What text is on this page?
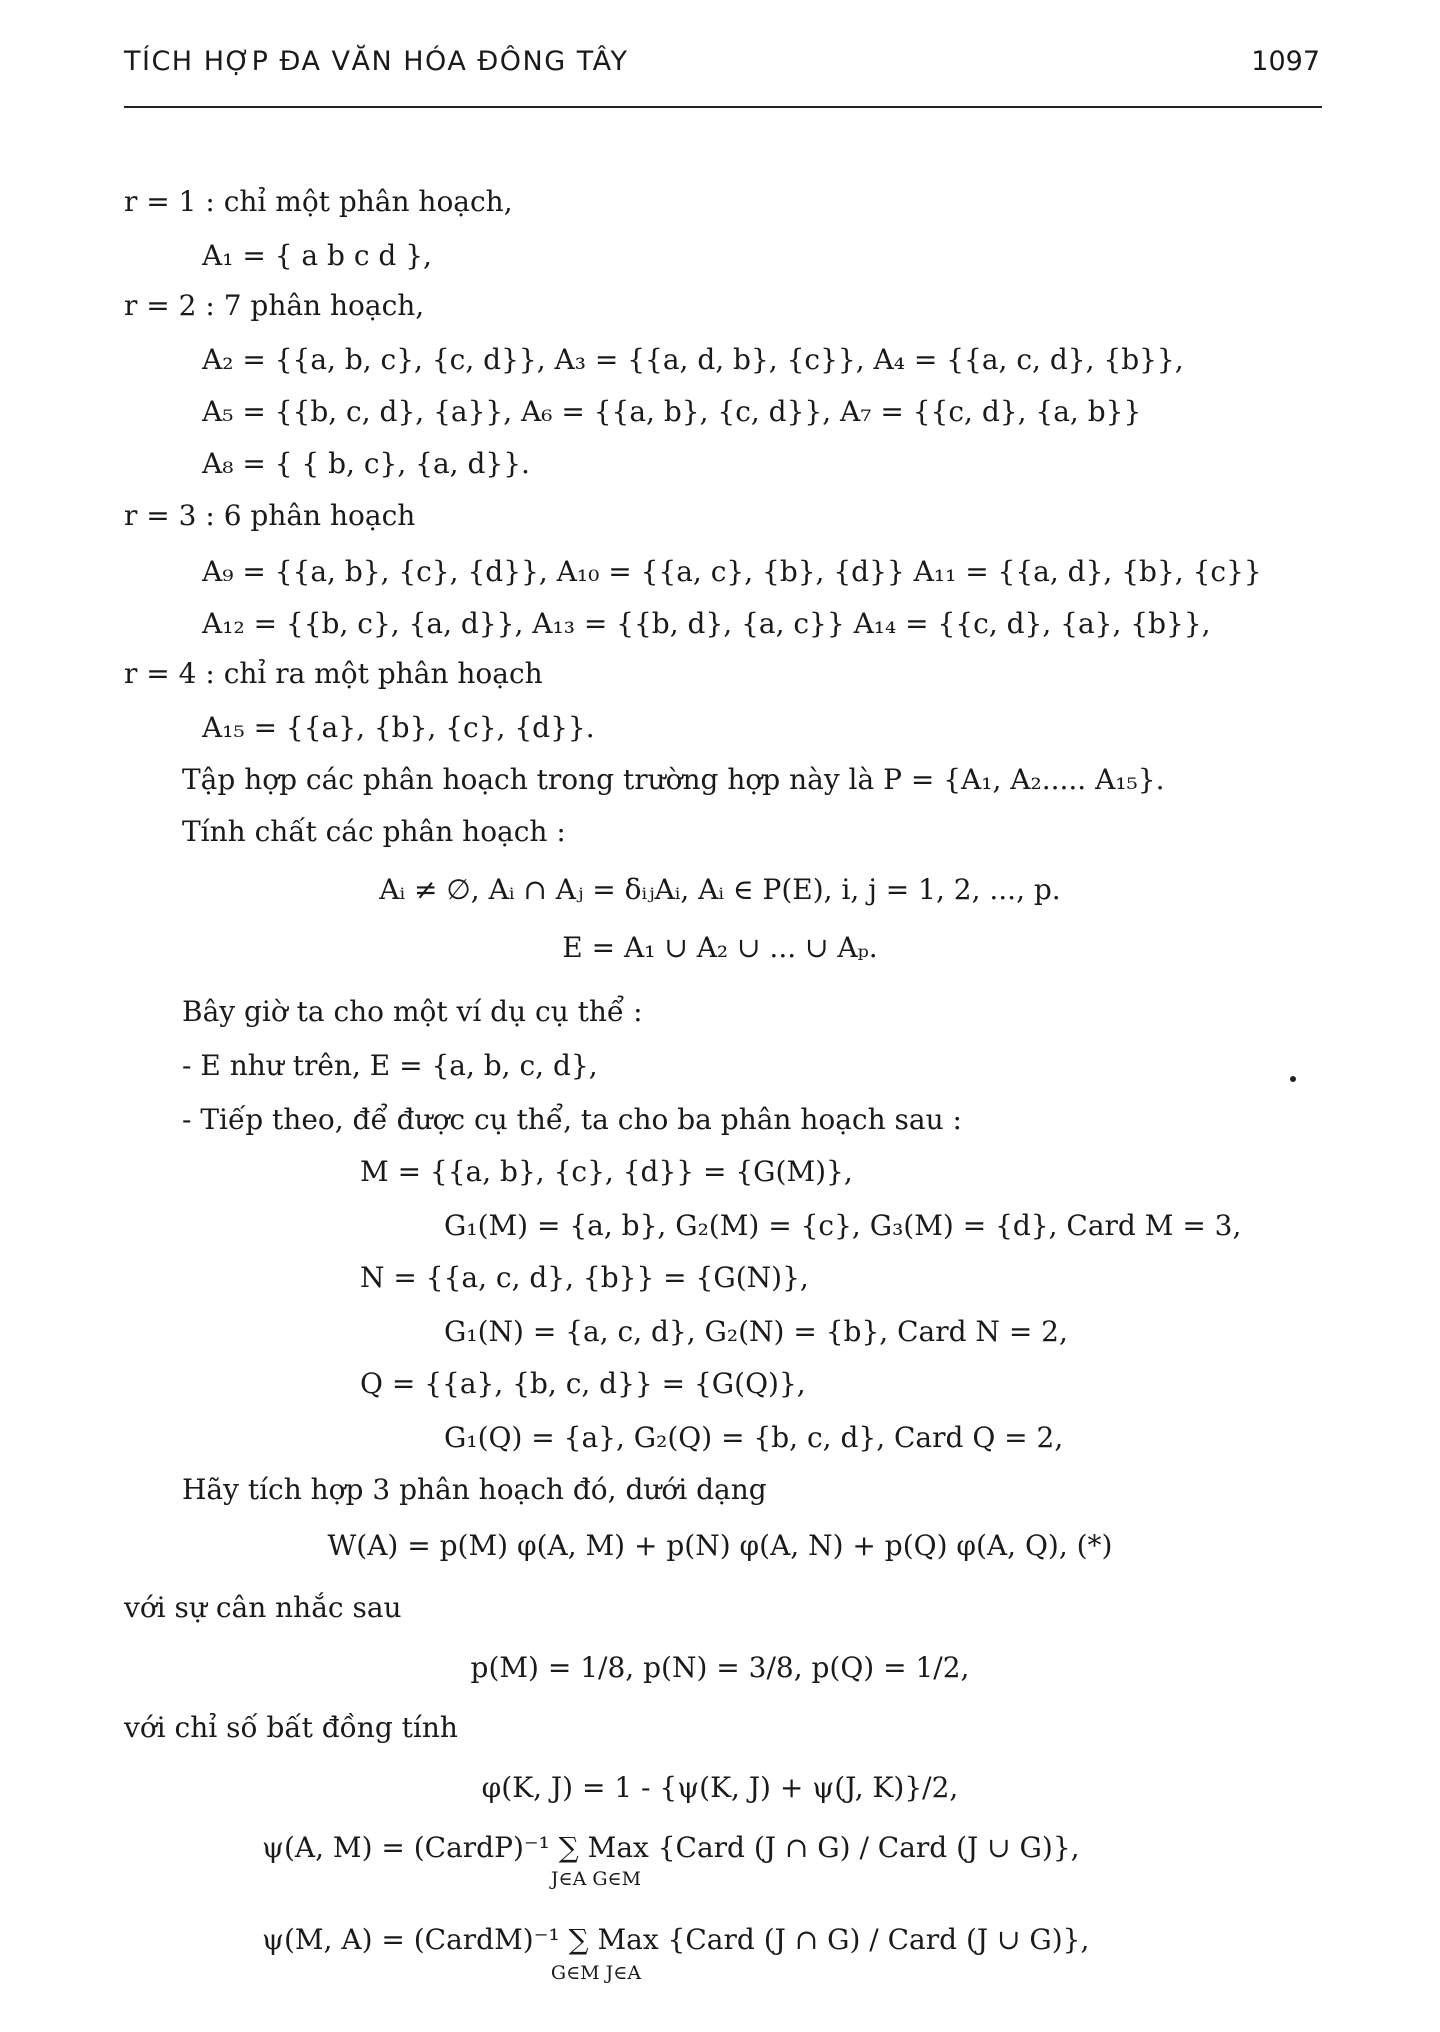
TÍCH HỢP ĐA VĂN HÓA ĐÔNG TÂY	1097
r = 1 : chỉ một phân hoạch,
A₁ = { a b c d },
r = 2 : 7 phân hoạch,
A₂ = {{a, b, c}, {c, d}}, A₃ = {{a, d, b}, {c}}, A₄ = {{a, c, d}, {b}},
A₅ = {{b, c, d}, {a}}, A₆ = {{a, b}, {c, d}}, A₇ = {{c, d}, {a, b}}
A₈ = { { b, c}, {a, d}}.
r = 3 : 6 phân hoạch
A₉ = {{a, b}, {c}, {d}}, A₁₀ = {{a, c}, {b}, {d}} A₁₁ = {{a, d}, {b}, {c}}
A₁₂ = {{b, c}, {a, d}}, A₁₃ = {{b, d}, {a, c}} A₁₄ = {{c, d}, {a}, {b}},
r = 4 : chỉ ra một phân hoạch
A₁₅ = {{a}, {b}, {c}, {d}}.
Tập hợp các phân hoạch trong trường hợp này là P = {A₁, A₂..... A₁₅}.
Tính chất các phân hoạch :
Aᵢ ≠ ∅, Aᵢ ∩ Aⱼ = δᵢⱼAᵢ, Aᵢ ∈ P(E), i, j = 1, 2, ..., p.
E = A₁ ∪ A₂ ∪ ... ∪ Aₚ.
Bây giờ ta cho một ví dụ cụ thể :
- E như trên, E = {a, b, c, d},
- Tiếp theo, để được cụ thể, ta cho ba phân hoạch sau :
M = {{a, b}, {c}, {d}} = {G(M)},
G₁(M) = {a, b}, G₂(M) = {c}, G₃(M) = {d}, Card M = 3,
N = {{a, c, d}, {b}} = {G(N)},
G₁(N) = {a, c, d}, G₂(N) = {b}, Card N = 2,
Q = {{a}, {b, c, d}} = {G(Q)},
G₁(Q) = {a}, G₂(Q) = {b, c, d}, Card Q = 2,
Hãy tích hợp 3 phân hoạch đó, dưới dạng
W(A) = p(M) φ(A, M) + p(N) φ(A, N) + p(Q) φ(A, Q), (*)
với sự cân nhắc sau
p(M) = 1/8, p(N) = 3/8, p(Q) = 1/2,
với chỉ số bất đồng tính
φ(K, J) = 1 - {ψ(K, J) + ψ(J, K)}/2,
ψ(A, M) = (CardP)⁻¹ ∑ Max {Card (J ∩ G) / Card (J ∪ G)},
J∈A G∈M
ψ(M, A) = (CardM)⁻¹ ∑ Max {Card (J ∩ G) / Card (J ∪ G)},
G∈M J∈A
